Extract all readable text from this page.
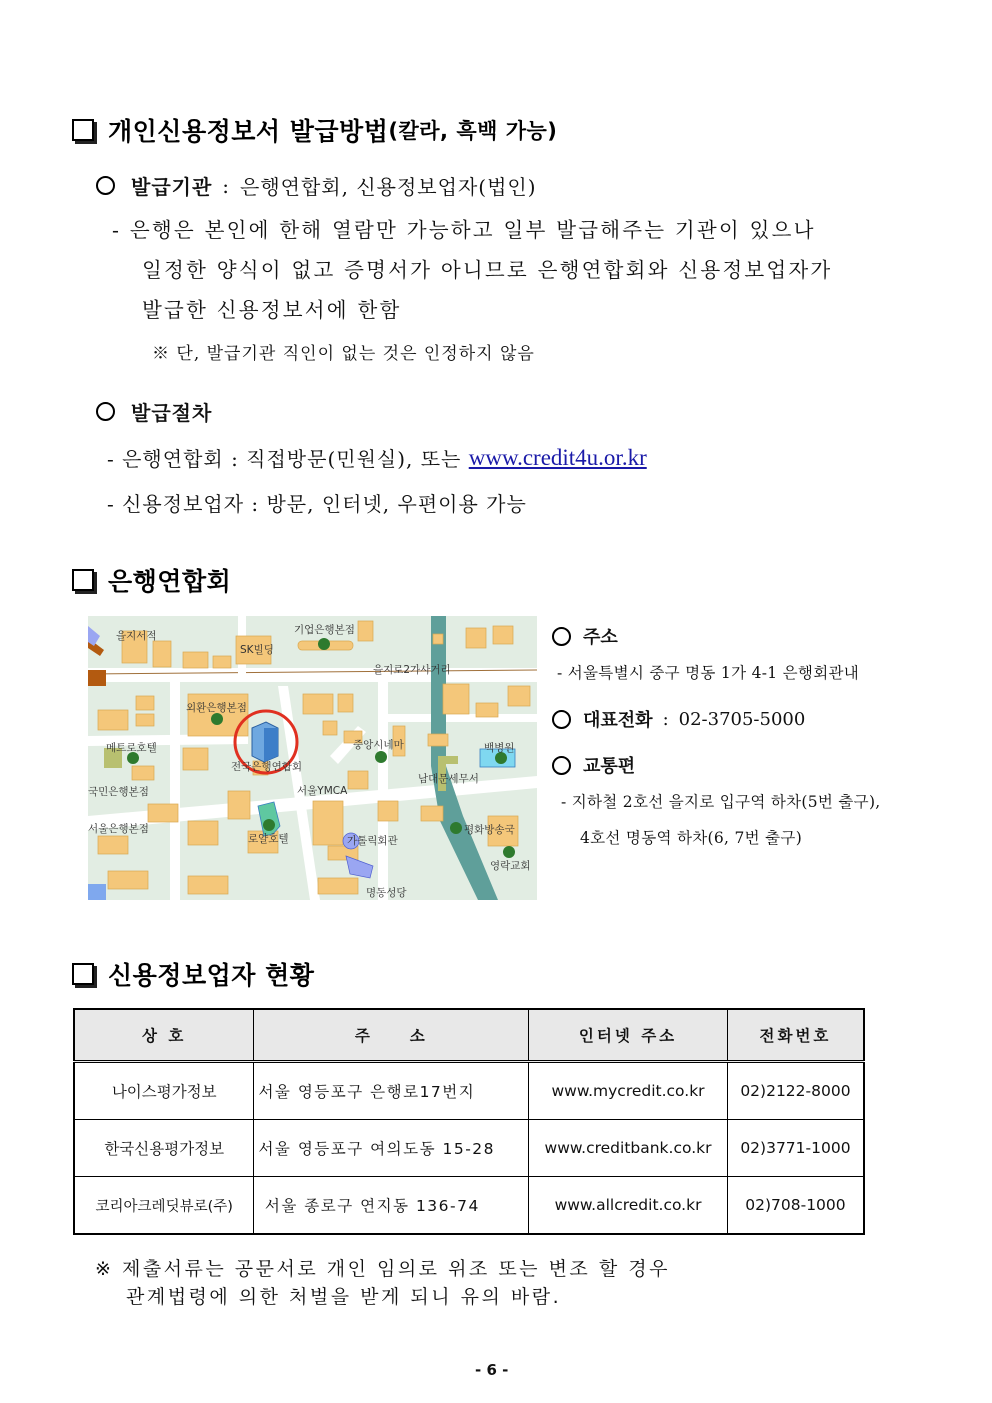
개인신용정보서 발급방법 (칼라, 흑백 가능)
발급기관 : 은행연합회, 신용정보업자(법인)
- 은행은 본인에 한해 열람만 가능하고 일부 발급해주는 기관이 있으나
일정한 양식이 없고 증명서가 아니므로 은행연합회와 신용정보업자가
발급한 신용정보서에 한함
※ 단, 발급기관 직인이 없는 것은 인정하지 않음
발급절차
- 은행연합회 : 직접방문(민원실), 또는 www.credit4u.or.kr
- 신용정보업자 : 방문, 인터넷, 우편이용 가능
은행연합회
을지서적
SK빌딩
기업은행본점
을지로2가사거리
외환은행본점
메트로호텔
전국은행연합회
중앙시네마	백병원
국민은행본점	서울YMCA
남대문세무서
서울은행본점
로얄호텔	가톨릭회관
평화방송국
영락교회
명동성당
주소
- 서울특별시 중구 명동 1가 4-1 은행회관내
대표전화 : 02-3705-5000
교통편
- 지하철 2호선 을지로 입구역 하차(5번 출구),
4호선 명동역 하차(6, 7번 출구)
신용정보업자 현황
상 호	주　　소	인터넷 주소	전화번호
나이스평가정보	서울 영등포구 은행로17번지	www.mycredit.co.kr	02)2122-8000
한국신용평가정보	서울 영등포구 여의도동 15-28	www.creditbank.co.kr	02)3771-1000
코리아크레딧뷰로(주)	서울 종로구 연지동 136-74	www.allcredit.co.kr	02)708-1000
※ 제출서류는 공문서로 개인 임의로 위조 또는 변조 할 경우
관계법령에 의한 처벌을 받게 되니 유의 바람.
- 6 -
